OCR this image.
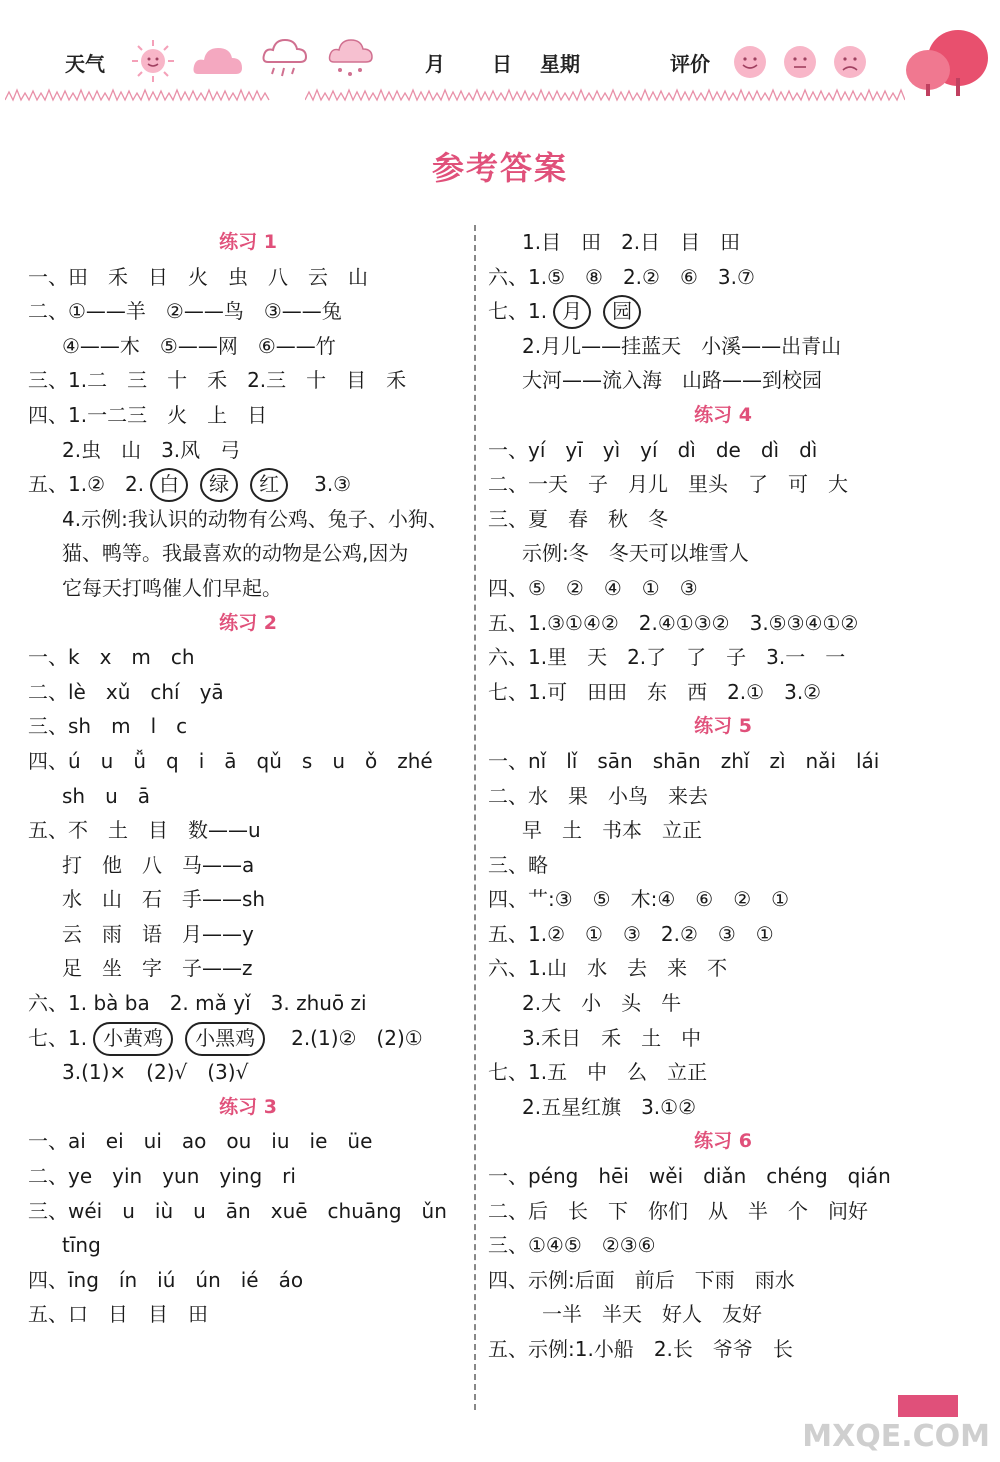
天气	月 日 星期	评价
参考答案
练习 1
一、田　禾　日　火　虫　八　云　山
二、①——羊　②——鸟　③——兔
④——木　⑤——网　⑥——竹
三、1.二　三　十　禾　2.三　十　目　禾
四、1.一二三　火　上　日
2.虫　山　3.风　弓
五、1.②　2. 白 绿 红　3.③
4.示例:我认识的动物有公鸡、兔子、小狗、
猫、鸭等。我最喜欢的动物是公鸡,因为
它每天打鸣催人们早起。
练习 2
一、k　x　m　ch
二、lè　xǔ　chí　yā
三、sh　m　l　c
四、ú　u　ǚ　q　i　ā　qǔ　s　u　ǒ　zhé
sh　u　ā
五、不　土　目　数——u
打　他　八　马——a
水　山　石　手——sh
云　雨　语　月——y
足　坐　字　子——z
六、1. bà ba　2. mǎ yǐ　3. zhuō zi
七、1. 小黄鸡 小黑鸡　2.(1)②　(2)①
3.(1)×　(2)√　(3)√
练习 3
一、ai　ei　ui　ao　ou　iu　ie　üe
二、ye　yin　yun　ying　ri
三、wéi　u　iù　u　ān　xuē　chuāng　ǔn
tīng
四、īng　ín　iú　ún　ié　áo
五、口　日　目　田
1.目　田　2.日　目　田
六、1.⑤　⑧　2.②　⑥　3.⑦
七、1. 月 园
2.月儿——挂蓝天　小溪——出青山
大河——流入海　山路——到校园
练习 4
一、yí　yī　yì　yí　dì　de　dì　dì
二、一天　子　月儿　里头　了　可　大
三、夏　春　秋　冬
示例:冬　冬天可以堆雪人
四、⑤　②　④　①　③
五、1.③①④②　2.④①③②　3.⑤③④①②
六、1.里　天　2.了　了　子　3.一　一
七、1.可　田田　东　西　2.①　3.②
练习 5
一、nǐ　lǐ　sān　shān　zhǐ　zì　nǎi　lái
二、水　果　小鸟　来去
早　土　书本　立正
三、略
四、艹:③　⑤　木:④　⑥　②　①
五、1.②　①　③　2.②　③　①
六、1.山　水　去　来　不
2.大　小　头　牛
3.禾日　禾　土　中
七、1.五　中　么　立正
2.五星红旗　3.①②
练习 6
一、péng　hēi　wěi　diǎn　chéng　qián
二、后　长　下　你们　从　半　个　问好
三、①④⑤　②③⑥
四、示例:后面　前后　下雨　雨水
　一半　半天　好人　友好
五、示例:1.小船　2.长　爷爷　长
MXQE.COM
